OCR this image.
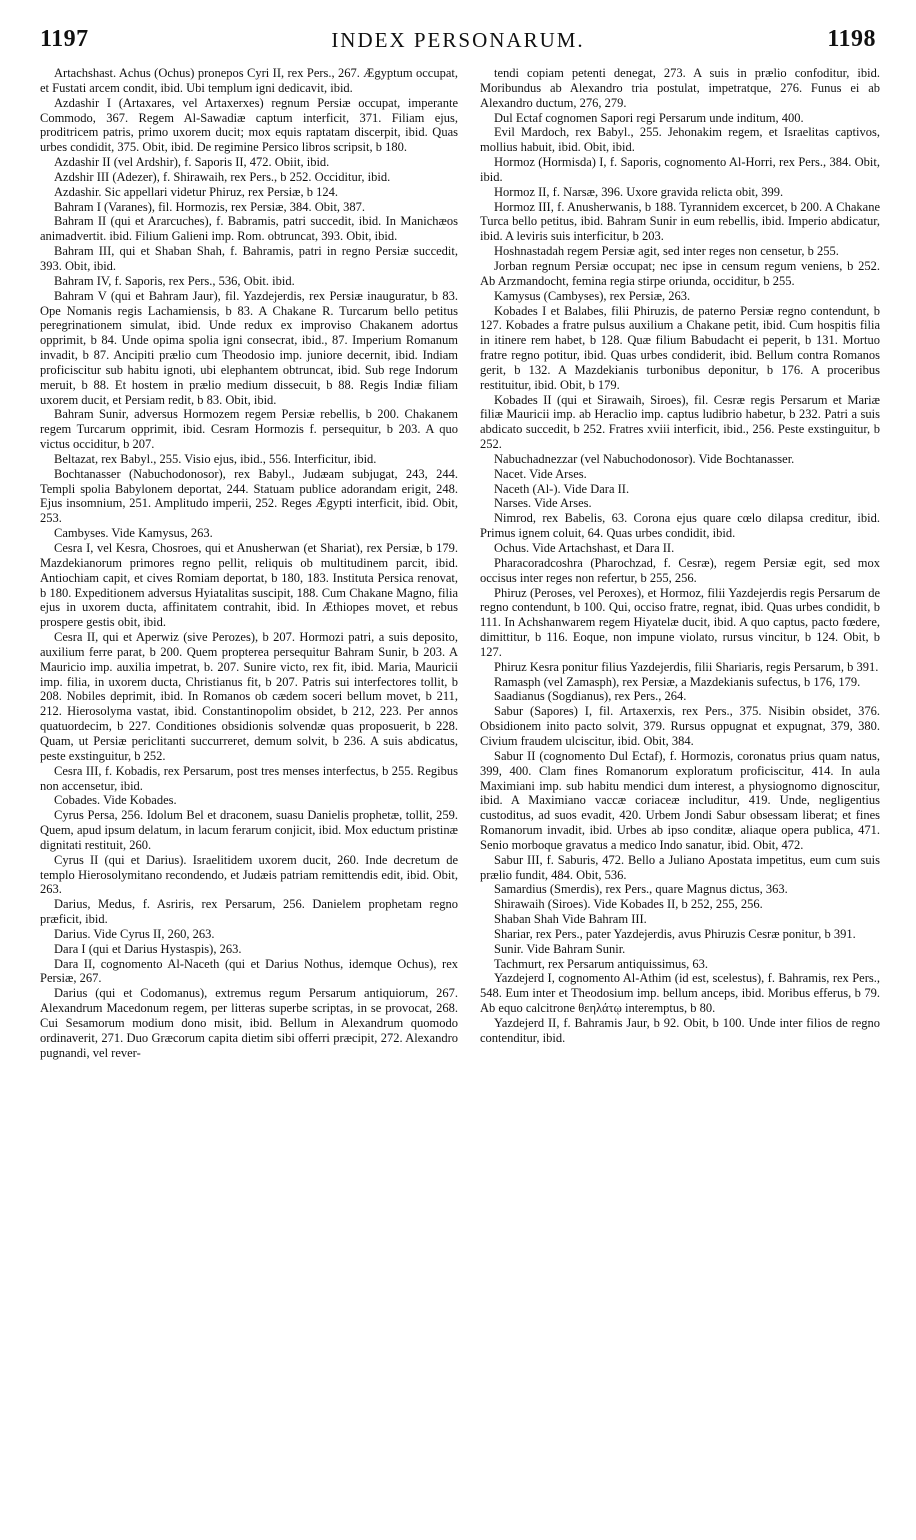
1197	INDEX PERSONARUM.	1198

Artachshast. Achus (Ochus) pronepos Cyri II, rex Pers., 267. Ægyptum occupat, et Fustati arcem condit, ibid. Ubi templum igni dedicavit, ibid.

Azdashir I (Artaxares, vel Artaxerxes) regnum Persiæ occupat, imperante Commodo, 367. Regem Al-Sawadiæ captum interficit, 371. Filiam ejus, proditricem patris, primo uxorem ducit; mox equis raptatam discerpit, ibid. Quas urbes condidit, 375. Obit, ibid. De regimine Persico libros scripsit, b 180.

Azdashir II (vel Ardshir), f. Saporis II, 472. Obiit, ibid.

Azdshir III (Adezer), f. Shirawaih, rex Pers., b 252. Occiditur, ibid.

Azdashir. Sic appellari videtur Phiruz, rex Persiæ, b 124.

Bahram I (Varanes), fil. Hormozis, rex Persiæ, 384. Obit, 387.

Bahram II (qui et Ararcuches), f. Babramis, patri succedit, ibid. In Manichæos animadvertit. ibid. Filium Galieni imp. Rom. obtruncat, 393. Obit, ibid.

Bahram III, qui et Shaban Shah, f. Bahramis, patri in regno Persiæ succedit, 393. Obit, ibid.

Bahram IV, f. Saporis, rex Pers., 536, Obit. ibid.

Bahram V (qui et Bahram Jaur), fil. Yazdejerdis, rex Persiæ inauguratur, b 83. Ope Nomanis regis Lachamiensis, b 83. A Chakane R. Turcarum bello petitus peregrinationem simulat, ibid. Unde redux ex improviso Chakanem adortus opprimit, b 84. Unde opima spolia igni consecrat, ibid., 87. Imperium Romanum invadit, b 87. Ancipiti prælio cum Theodosio imp. juniore decernit, ibid. Indiam proficiscitur sub habitu ignoti, ubi elephantem obtruncat, ibid. Sub rege Indorum meruit, b 88. Et hostem in prælio medium dissecuit, b 88. Regis Indiæ filiam uxorem ducit, et Persiam redit, b 83. Obit, ibid.

Bahram Sunir, adversus Hormozem regem Persiæ rebellis, b 200. Chakanem regem Turcarum opprimit, ibid. Cesram Hormozis f. persequitur, b 203. A quo victus occiditur, b 207.

Beltazat, rex Babyl., 255. Visio ejus, ibid., 556. Interficitur, ibid.

Bochtanasser (Nabuchodonosor), rex Babyl., Judæam subjugat, 243, 244. Templi spolia Babylonem deportat, 244. Statuam publice adorandam erigit, 248. Ejus insomnium, 251. Amplitudo imperii, 252. Reges Ægypti interficit, ibid. Obit, 253.

Cambyses. Vide Kamysus, 263.

Cesra I, vel Kesra, Chosroes, qui et Anusherwan (et Shariat), rex Persiæ, b 179. Mazdekianorum primores regno pellit, reliquis ob multitudinem parcit, ibid. Antiochiam capit, et cives Romiam deportat, b 180, 183. Instituta Persica renovat, b 180. Expeditionem adversus Hyiatalitas suscipit, 188. Cum Chakane Magno, filia ejus in uxorem ducta, affinitatem contrahit, ibid. In Æthiopes movet, et rebus prospere gestis obit, ibid.

Cesra II, qui et Aperwiz (sive Perozes), b 207. Hormozi patri, a suis deposito, auxilium ferre parat, b 200. Quem propterea persequitur Bahram Sunir, b 203. A Mauricio imp. auxilia impetrat, b. 207. Sunire victo, rex fit, ibid. Maria, Mauricii imp. filia, in uxorem ducta, Christianus fit, b 207. Patris sui interfectores tollit, b 208. Nobiles deprimit, ibid. In Romanos ob cædem soceri bellum movet, b 211, 212. Hierosolyma vastat, ibid. Constantinopolim obsidet, b 212, 223. Per annos quatuordecim, b 227. Conditiones obsidionis solvendæ quas proposuerit, b 228. Quam, ut Persiæ periclitanti succurreret, demum solvit, b 236. A suis abdicatus, peste exstinguitur, b 252.

Cesra III, f. Kobadis, rex Persarum, post tres menses interfectus, b 255. Regibus non accensetur, ibid.

Cobades. Vide Kobades.

Cyrus Persa, 256. Idolum Bel et draconem, suasu Danielis prophetæ, tollit, 259. Quem, apud ipsum delatum, in lacum ferarum conjicit, ibid. Mox eductum pristinæ dignitati restituit, 260.

Cyrus II (qui et Darius). Israelitidem uxorem ducit, 260. Inde decretum de templo Hierosolymitano recondendo, et Judæis patriam remittendis edit, ibid. Obit, 263.

Darius, Medus, f. Asriris, rex Persarum, 256. Danielem prophetam regno præficit, ibid.

Darius. Vide Cyrus II, 260, 263.

Dara I (qui et Darius Hystaspis), 263.

Dara II, cognomento Al-Naceth (qui et Darius Nothus, idemque Ochus), rex Persiæ, 267.

Darius (qui et Codomanus), extremus regum Persarum antiquiorum, 267. Alexandrum Macedonum regem, per litteras superbe scriptas, in se provocat, 268. Cui Sesamorum modium dono misit, ibid. Bellum in Alexandrum quomodo ordinaverit, 271. Duo Græcorum capita dietim sibi offerri præcipit, 272. Alexandro pugnandi, vel rever-

tendi copiam petenti denegat, 273. A suis in prælio confoditur, ibid. Moribundus ab Alexandro tria postulat, impetratque, 276. Funus ei ab Alexandro ductum, 276, 279.

Dul Ectaf cognomen Sapori regi Persarum unde inditum, 400.

Evil Mardoch, rex Babyl., 255. Jehonakim regem, et Israelitas captivos, mollius habuit, ibid. Obit, ibid.

Hormoz (Hormisda) I, f. Saporis, cognomento Al-Horri, rex Pers., 384. Obit, ibid.

Hormoz II, f. Narsæ, 396. Uxore gravida relicta obit, 399.

Hormoz III, f. Anusherwanis, b 188. Tyrannidem excercet, b 200. A Chakane Turca bello petitus, ibid. Bahram Sunir in eum rebellis, ibid. Imperio abdicatur, ibid. A leviris suis interficitur, b 203.

Hoshnastadah regem Persiæ agit, sed inter reges non censetur, b 255.

Jorban regnum Persiæ occupat; nec ipse in censum regum veniens, b 252. Ab Arzmandocht, femina regia stirpe oriunda, occiditur, b 255.

Kamysus (Cambyses), rex Persiæ, 263.

Kobades I et Balabes, filii Phiruzis, de paterno Persiæ regno contendunt, b 127. Kobades a fratre pulsus auxilium a Chakane petit, ibid. Cum hospitis filia in itinere rem habet, b 128. Quæ filium Babudacht ei peperit, b 131. Mortuo fratre regno potitur, ibid. Quas urbes condiderit, ibid. Bellum contra Romanos gerit, b 132. A Mazdekianis turbonibus deponitur, b 176. A proceribus restituitur, ibid. Obit, b 179.

Kobades II (qui et Sirawaih, Siroes), fil. Cesræ regis Persarum et Mariæ filiæ Mauricii imp. ab Heraclio imp. captus ludibrio habetur, b 232. Patri a suis abdicato succedit, b 252. Fratres xviii interficit, ibid., 256. Peste exstinguitur, b 252.

Nabuchadnezzar (vel Nabuchodonosor). Vide Bochtanasser.

Nacet. Vide Arses.

Naceth (Al-). Vide Dara II.

Narses. Vide Arses.

Nimrod, rex Babelis, 63. Corona ejus quare cœlo dilapsa creditur, ibid. Primus ignem coluit, 64. Quas urbes condidit, ibid.

Ochus. Vide Artachshast, et Dara II.

Pharacoradcoshra (Pharochzad, f. Cesræ), regem Persiæ egit, sed mox occisus inter reges non refertur, b 255, 256.

Phiruz (Peroses, vel Peroxes), et Hormoz, filii Yazdejerdis regis Persarum de regno contendunt, b 100. Qui, occiso fratre, regnat, ibid. Quas urbes condidit, b 111. In Achshanwarem regem Hiyatelæ ducit, ibid. A quo captus, pacto fœdere, dimittitur, b 116. Eoque, non impune violato, rursus vincitur, b 124. Obit, b 127.

Phiruz Kesra ponitur filius Yazdejerdis, filii Shariaris, regis Persarum, b 391.

Ramasph (vel Zamasph), rex Persiæ, a Mazdekianis sufectus, b 176, 179.

Saadianus (Sogdianus), rex Pers., 264.

Sabur (Sapores) I, fil. Artaxerxis, rex Pers., 375. Nisibin obsidet, 376. Obsidionem inito pacto solvit, 379. Rursus oppugnat et expugnat, 379, 380. Civium fraudem ulciscitur, ibid. Obit, 384.

Sabur II (cognomento Dul Ectaf), f. Hormozis, coronatus prius quam natus, 399, 400. Clam fines Romanorum exploratum proficiscitur, 414. In aula Maximiani imp. sub habitu mendici dum interest, a physiognomo dignoscitur, ibid. A Maximiano vaccæ coriaceæ includitur, 419. Unde, negligentius custoditus, ad suos evadit, 420. Urbem Jondi Sabur obsessam liberat; et fines Romanorum invadit, ibid. Urbes ab ipso conditæ, aliaque opera publica, 471. Senio morboque gravatus a medico Indo sanatur, ibid. Obit, 472.

Sabur III, f. Saburis, 472. Bello a Juliano Apostata impetitus, eum cum suis prælio fundit, 484. Obit, 536.

Samardius (Smerdis), rex Pers., quare Magnus dictus, 363.

Shirawaih (Siroes). Vide Kobades II, b 252, 255, 256.

Shaban Shah Vide Bahram III.

Shariar, rex Pers., pater Yazdejerdis, avus Phiruzis Cesræ ponitur, b 391.

Sunir. Vide Bahram Sunir.

Tachmurt, rex Persarum antiquissimus, 63.

Yazdejerd I, cognomento Al-Athim (id est, scelestus), f. Bahramis, rex Pers., 548. Eum inter et Theodosium imp. bellum anceps, ibid. Moribus efferus, b 79. Ab equo calcitrone θεηλάτῳ interemptus, b 80.

Yazdejerd II, f. Bahramis Jaur, b 92. Obit, b 100. Unde inter filios de regno contenditur, ibid.
